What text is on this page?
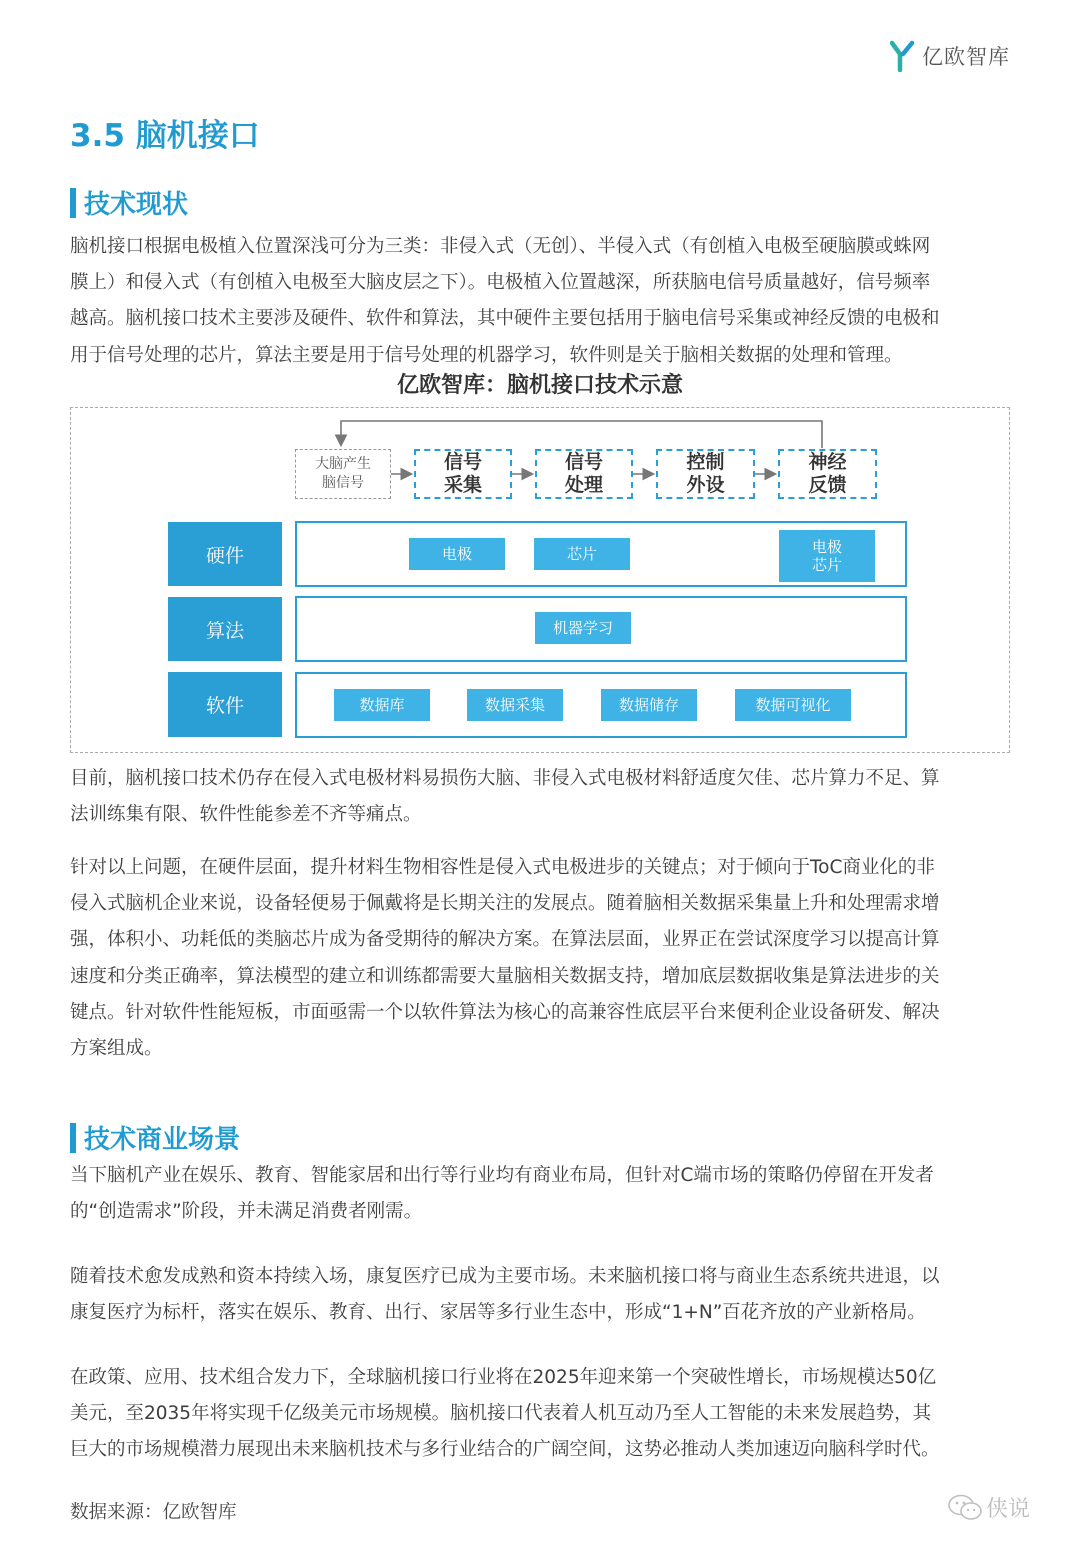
亿欧智库
3.5 脑机接口
技术现状
脑机接口根据电极植入位置深浅可分为三类：非侵入式（无创）、半侵入式（有创植入电极至硬脑膜或蛛网
膜上）和侵入式（有创植入电极至大脑皮层之下）。电极植入位置越深，所获脑电信号质量越好，信号频率
越高。脑机接口技术主要涉及硬件、软件和算法，其中硬件主要包括用于脑电信号采集或神经反馈的电极和
用于信号处理的芯片，算法主要是用于信号处理的机器学习，软件则是关于脑相关数据的处理和管理。
亿欧智库：脑机接口技术示意
大脑产生
脑信号
信号
采集
信号
处理
控制
外设
神经
反馈
硬件	电极	芯片	电极
芯片
算法	机器学习
软件	数据库	数据采集	数据储存	数据可视化
目前，脑机接口技术仍存在侵入式电极材料易损伤大脑、非侵入式电极材料舒适度欠佳、芯片算力不足、算
法训练集有限、软件性能参差不齐等痛点。
针对以上问题，在硬件层面，提升材料生物相容性是侵入式电极进步的关键点；对于倾向于ToC商业化的非
侵入式脑机企业来说，设备轻便易于佩戴将是长期关注的发展点。随着脑相关数据采集量上升和处理需求增
强，体积小、功耗低的类脑芯片成为备受期待的解决方案。在算法层面，业界正在尝试深度学习以提高计算
速度和分类正确率，算法模型的建立和训练都需要大量脑相关数据支持，增加底层数据收集是算法进步的关
键点。针对软件性能短板，市面亟需一个以软件算法为核心的高兼容性底层平台来便利企业设备研发、解决
方案组成。
技术商业场景
当下脑机产业在娱乐、教育、智能家居和出行等行业均有商业布局，但针对C端市场的策略仍停留在开发者
的“创造需求”阶段，并未满足消费者刚需。
随着技术愈发成熟和资本持续入场，康复医疗已成为主要市场。未来脑机接口将与商业生态系统共进退，以
康复医疗为标杆，落实在娱乐、教育、出行、家居等多行业生态中，形成“1+N”百花齐放的产业新格局。
在政策、应用、技术组合发力下，全球脑机接口行业将在2025年迎来第一个突破性增长，市场规模达50亿
美元，至2035年将实现千亿级美元市场规模。脑机接口代表着人机互动乃至人工智能的未来发展趋势，其
巨大的市场规模潜力展现出未来脑机技术与多行业结合的广阔空间，这势必推动人类加速迈向脑科学时代。
数据来源：亿欧智库	侠说
